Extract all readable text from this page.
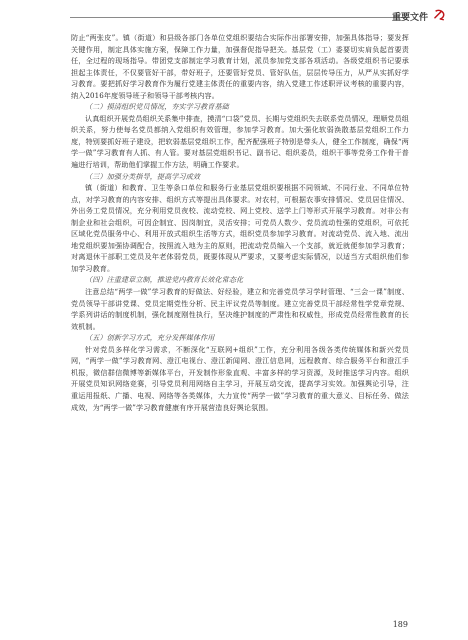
重要文件

防止“两张皮”。镇（街道）和县级各部门各单位党组织要结合实际作出部署安排，加强具体指导；要发挥关键作用，制定具体实施方案，保障工作力量，加强督促指导把关。基层党（工）委要切实肩负起首要责任，全过程的现场指导。带团党支部制定学习教育计划，派员参加党支部各项活动。各级党组织书记要承担起主体责任，不仅要管好干部，带好班子，还要管好党员、管好队伍，层层传导压力，从严从实抓好学习教育。要把抓好学习教育作为履行党建主体责任的重要内容，纳入党建工作述职评议考核的重要内容，纳入2016年度领导班子和领导干部考核内容。

（二）摸清组织党员情况，夯实学习教育基础

认真组织开展党员组织关系集中排查，摸清“口袋”党员、长期与党组织失去联系党员情况，理顺党员组织关系，努力使每名党员都纳入党组织有效管理，参加学习教育。加大强化软弱涣散基层党组织工作力度，特别要抓好班子建设，把软弱基层党组织工作，配齐配强班子特别是带头人，健全工作制度，确保“两学一做”学习教育有人抓、有人管。要对基层党组织书记、副书记、组织委员，组织干事等党务工作骨干普遍进行培训，帮助他们掌握工作方法，明确工作要求。

（三）加强分类指导，提高学习成效

镇（街道）和教育、卫生等条口单位和服务行业基层党组织要根据不同领域、不同行业、不同单位特点，对学习教育的内容安排、组织方式等提出具体要求。对农村，可根据农事安排情况、党员居住情况、外出务工党员情况，充分利用党员夜校、流动党校、网上党校、送学上门等形式开展学习教育。对非公有制企业和社会组织，可因企制宜、因岗制宜，灵活安排；可党员人数少、党员流动性强的党组织，可依托区域化党员服务中心、利用开放式组织生活等方式，组织党员参加学习教育。对流动党员、流入地、流出地党组织要加强协调配合，按照流入地为主的原则，把流动党员编入一个支部，就近就便参加学习教育；对离退休干部职工党员及年老体弱党员，既要体现从严要求，又要考虑实际情况，以适当方式组织他们参加学习教育。

（四）注重建章立制，推进党内教育长效化常态化

注意总结“两学一做”学习教育的好做法、好经验，建立和完善党员学习学时管理、“三会一课”制度、党员领导干部讲党课、党员定期党性分析、民主评议党员等制度。建立完善党员干部经常性学党章党规、学系列讲话的制度机制，强化制度刚性执行，坚决维护制度的严肃性和权威性，形成党员经常性教育的长效机制。

（五）创新学习方式，充分发挥媒体作用

针对党员多样化学习需求，不断深化“互联网+组织”工作，充分利用各级各类传统媒体和新兴党员网，“两学一做”学习教育网、澄江电视台、澄江新闻网、澄江信息网，远程教育、综合服务平台和澄江手机报，微信群信微博等新媒体平台，开发制作形象直观、丰富多样的学习资源，及时推送学习内容。组织开展党员知识网络竞赛，引导党员利用网络自主学习，开展互动交流，提高学习实效。加强舆论引导，注重运用报纸、广播、电视、网络等各类媒体，大力宣传“两学一做”学习教育的重大意义、目标任务、做法成效，为“两学一做”学习教育健康有序开展营造良好舆论氛围。

189
